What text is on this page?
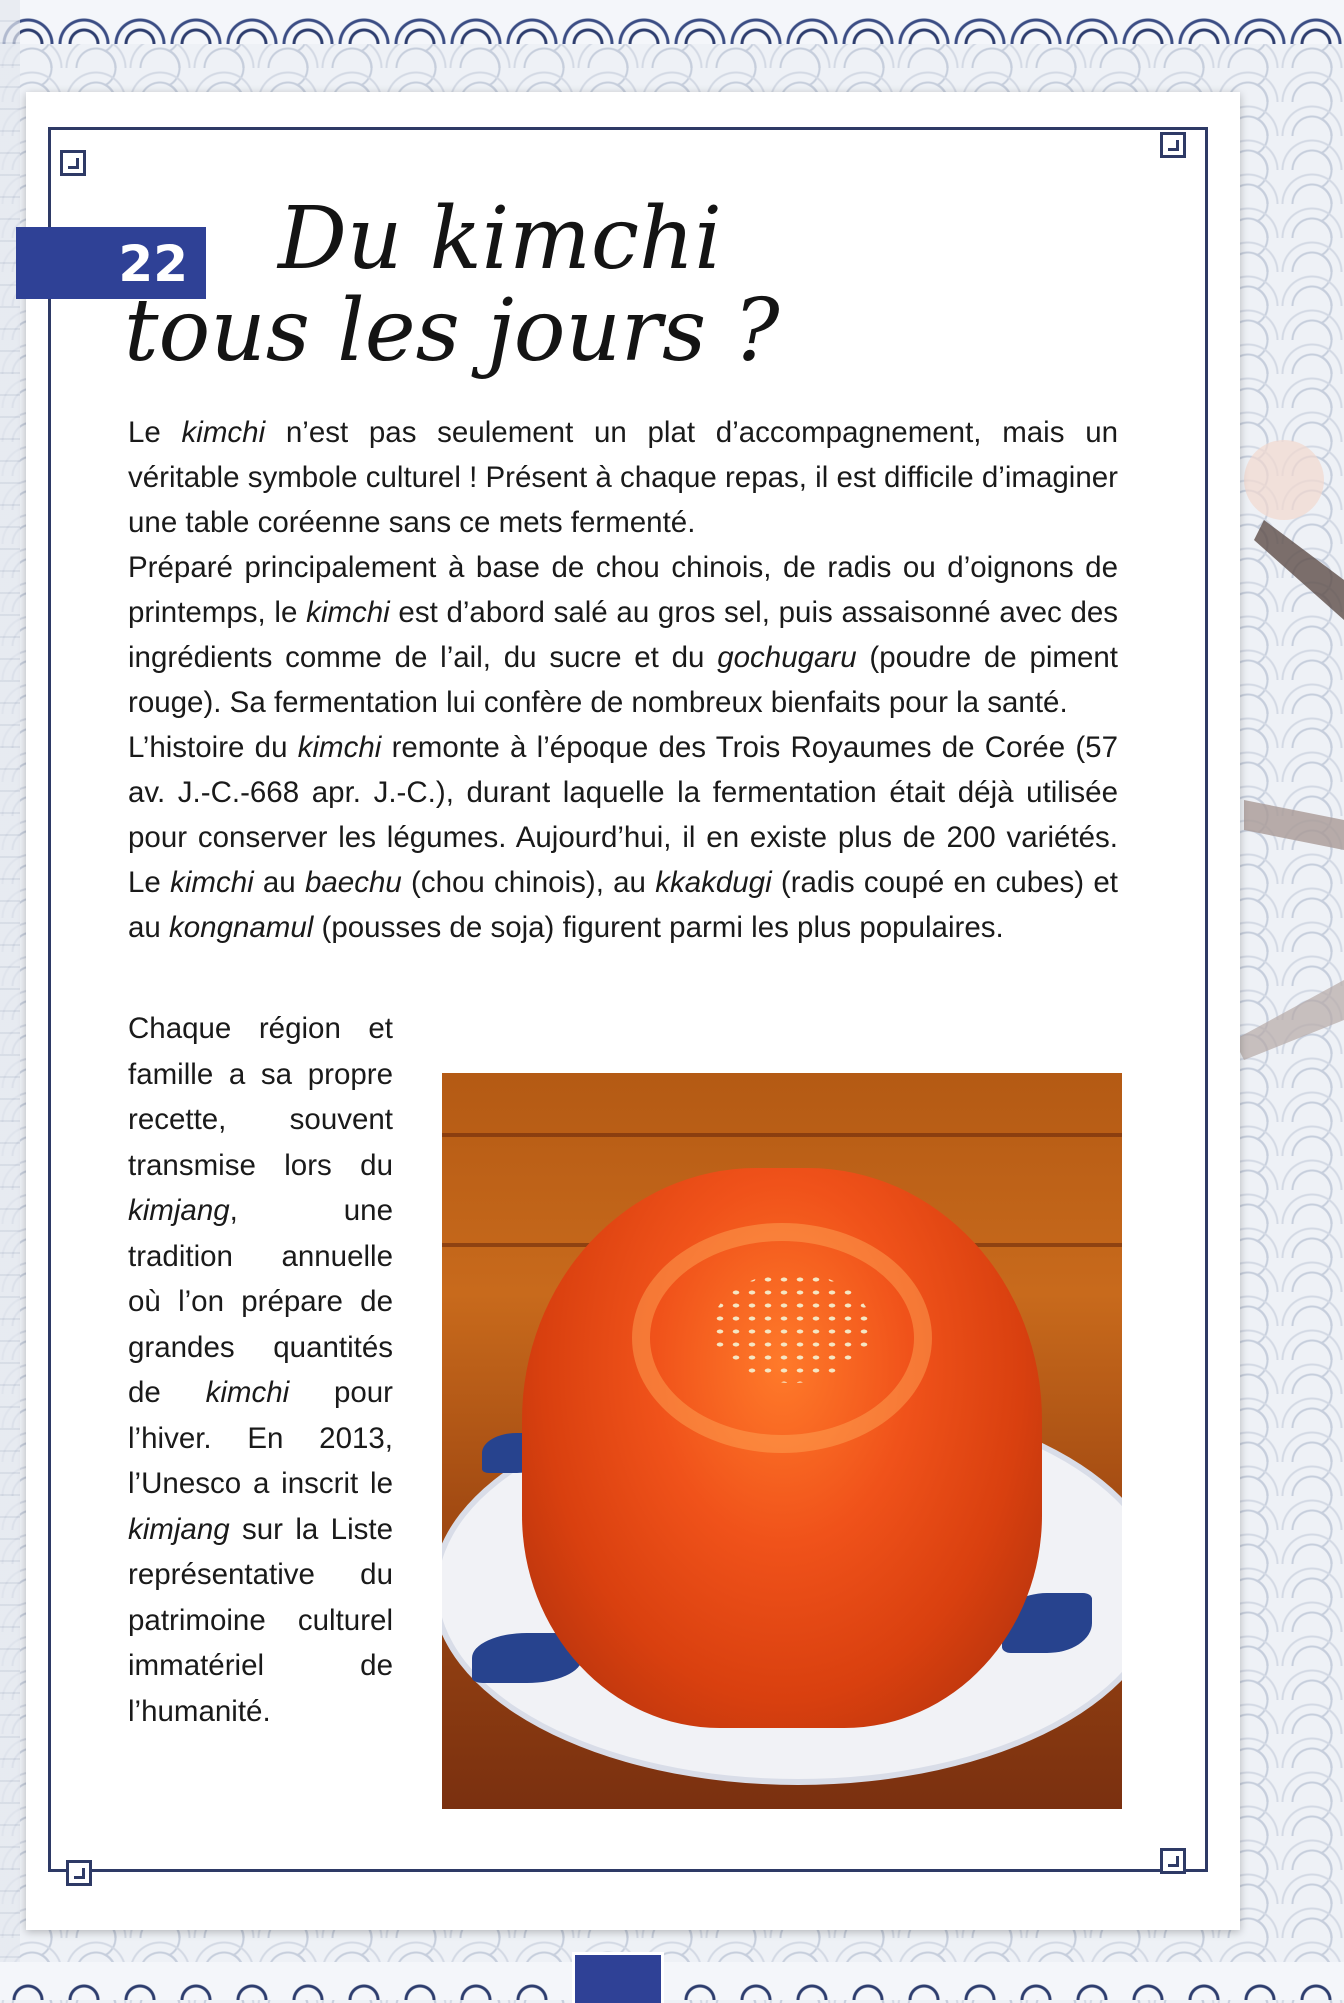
22 Du kimchi
tous les jours ?

Le kimchi n’est pas seulement un plat d’accompagnement, mais un véritable symbole culturel ! Présent à chaque repas, il est difficile d’imaginer une table coréenne sans ce mets fermenté.

Préparé principalement à base de chou chinois, de radis ou d’oignons de printemps, le kimchi est d’abord salé au gros sel, puis assaisonné avec des ingrédients comme de l’ail, du sucre et du gochugaru (poudre de piment rouge). Sa fermentation lui confère de nombreux bienfaits pour la santé.

L’histoire du kimchi remonte à l’époque des Trois Royaumes de Corée (57 av. J.-C.-668 apr. J.-C.), durant laquelle la fermentation était déjà utilisée pour conserver les légumes. Aujourd’hui, il en existe plus de 200 variétés. Le kimchi au baechu (chou chinois), au kkakdugi (radis coupé en cubes) et au kongnamul (pousses de soja) figurent parmi les plus populaires.

Chaque région et famille a sa propre recette, souvent transmise lors du kimjang, une tradition annuelle où l’on prépare de grandes quantités de kimchi pour l’hiver. En 2013, l’Unesco a inscrit le kimjang sur la Liste représentative du patrimoine culturel immatériel de l’humanité.
